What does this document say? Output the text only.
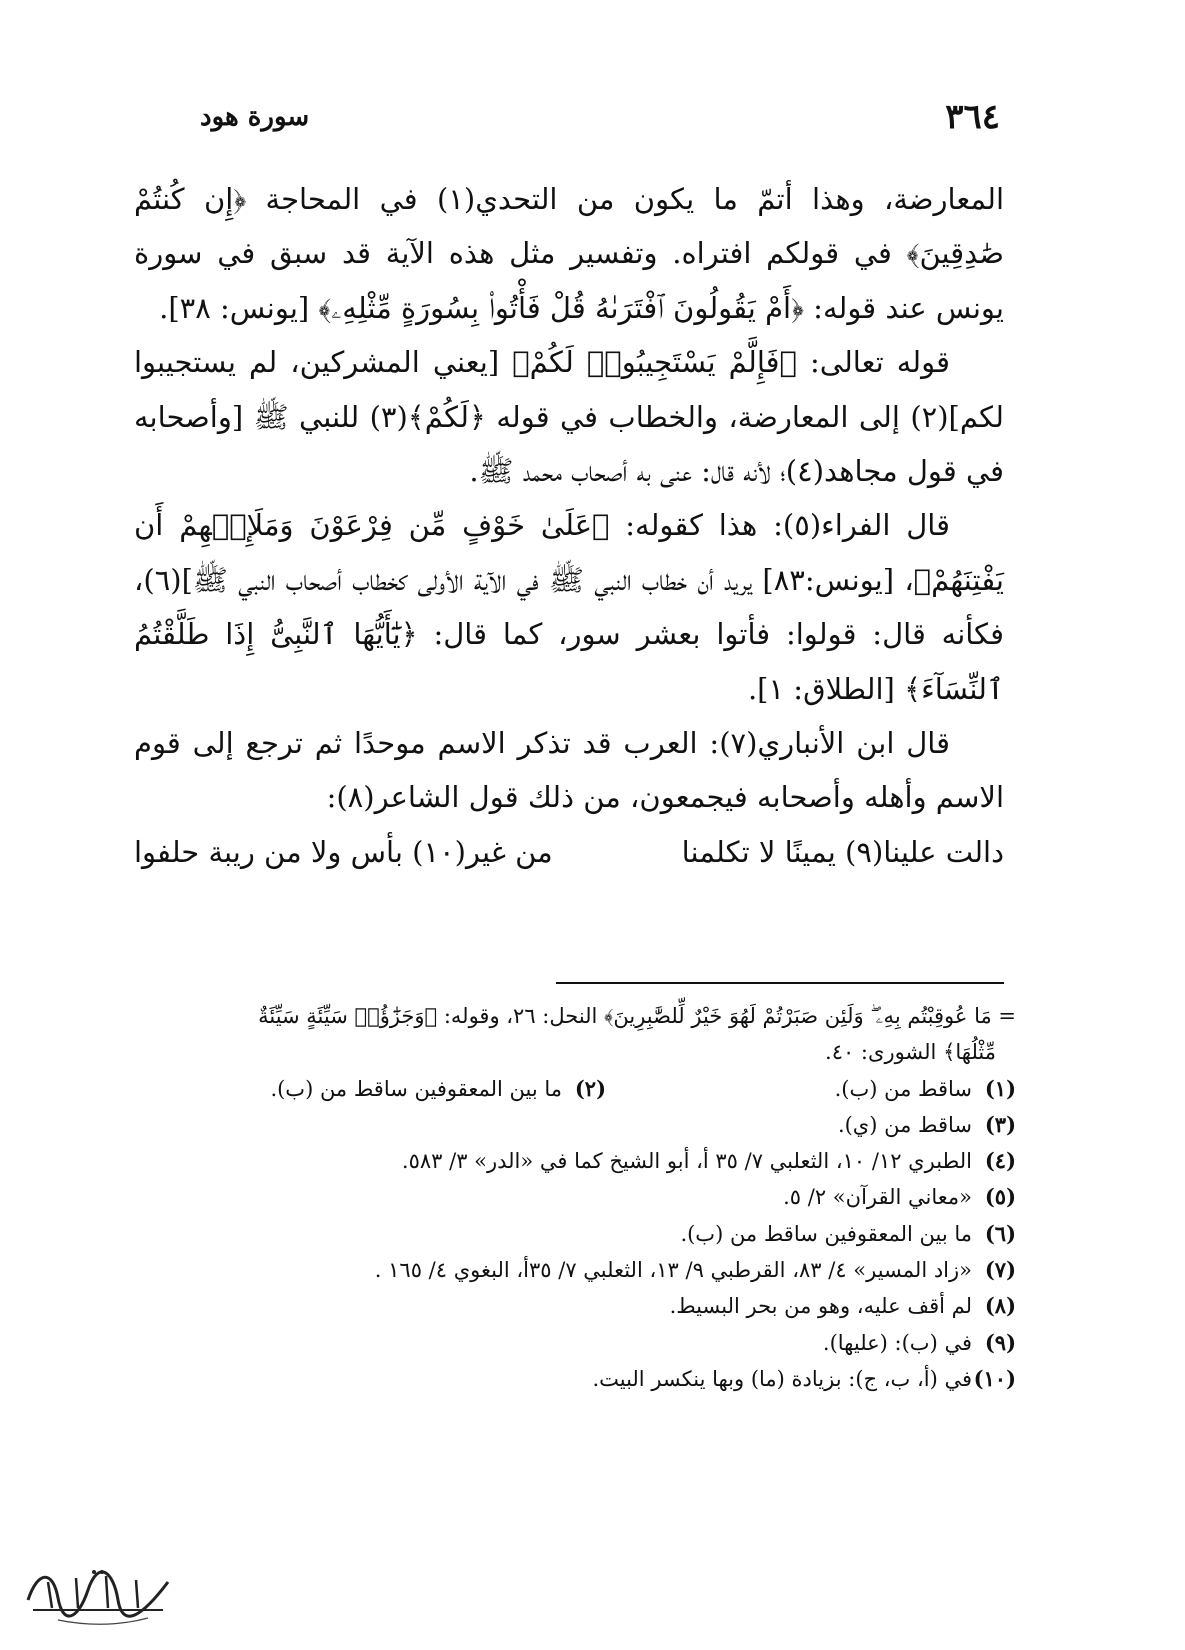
٣٦٤
سورة هود

المعارضة، وهذا أتمّ ما يكون من التحدي(١) في المحاجة ﴿إِن كُنتُمْ صَٰدِقِينَ﴾ في قولكم افتراه. وتفسير مثل هذه الآية قد سبق في سورة يونس عند قوله: ﴿أَمْ يَقُولُونَ ٱفْتَرَىٰهُ قُلْ فَأْتُوا۟ بِسُورَةٍ مِّثْلِهِۦ﴾ [يونس: ٣٨].

قوله تعالى: ﴿فَإِلَّمْ يَسْتَجِيبُوا۟ لَكُمْ﴾ [يعني المشركين، لم يستجيبوا لكم](٢) إلى المعارضة، والخطاب في قوله ﴿لَكُمْ﴾(٣) للنبي ﷺ [وأصحابه في قول مجاهد(٤)؛ لأنه قال: عنى به أصحاب محمد ﷺ.

قال الفراء(٥): هذا كقوله: ﴿عَلَىٰ خَوْفٍ مِّن فِرْعَوْنَ وَمَلَإِي۟هِمْ أَن يَفْتِنَهُمْ﴾، [يونس:٨٣] يريد أن خطاب النبي ﷺ في الآية الأولى كخطاب أصحاب النبي ﷺ](٦)، فكأنه قال: قولوا: فأتوا بعشر سور، كما قال: ﴿يَٰٓأَيُّهَا ٱلنَّبِىُّ إِذَا طَلَّقْتُمُ ٱلنِّسَآءَ﴾ [الطلاق: ١].

قال ابن الأنباري(٧): العرب قد تذكر الاسم موحدًا ثم ترجع إلى قوم الاسم وأهله وأصحابه فيجمعون، من ذلك قول الشاعر(٨):

دالت علينا(٩) يمينًا لا تكلمنا
من غير(١٠) بأس ولا من ريبة حلفوا
= مَا عُوقِبْتُم بِهِۦ ۖ وَلَئِن صَبَرْتُمْ لَهُوَ خَيْرٌ لِّلصَّٰبِرِينَ﴾ النحل: ٢٦، وقوله: ﴿وَجَزَٰٓؤُا۟ سَيِّئَةٍ سَيِّئَةٌ
مِّثْلُهَا﴾ الشورى: ٤٠.
(١)
ساقط من (ب).
(٢)
ما بين المعقوفين ساقط من (ب).
(٣)
ساقط من (ي).
(٤)
الطبري ١٢/ ١٠، الثعلبي ٧/ ٣٥ أ، أبو الشيخ كما في «الدر» ٣/ ٥٨٣.
(٥)
«معاني القرآن» ٢/ ٥.
(٦)
ما بين المعقوفين ساقط من (ب).
(٧)
«زاد المسير» ٤/ ٨٣، القرطبي ٩/ ١٣، الثعلبي ٧/ ٣٥أ، البغوي ٤/ ١٦٥ .
(٨)
لم أقف عليه، وهو من بحر البسيط.
(٩)
في (ب): (عليها).
(١٠)
في (أ، ب، ج): بزيادة (ما) وبها ينكسر البيت.
